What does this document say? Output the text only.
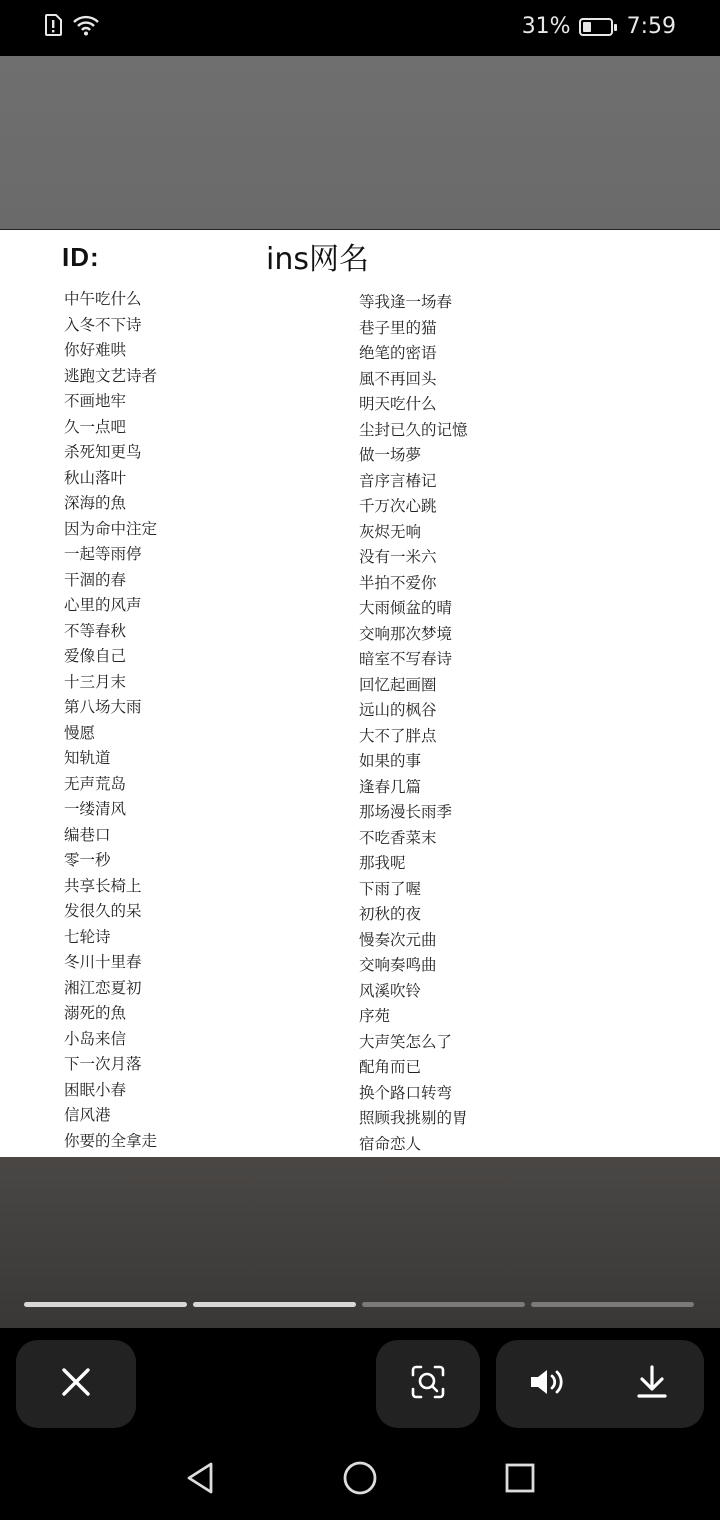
31%	7:59
ID:	ins网名
中午吃什么
入冬不下诗
你好难哄
逃跑文艺诗者
不画地牢
久一点吧
杀死知更鸟
秋山落叶
深海的魚
因为命中注定
一起等雨停
干涸的春
心里的风声
不等春秋
爱像自己
十三月末
第八场大雨
慢愿
知轨道
无声荒岛
一缕清风
编巷口
零一秒
共享长椅上
发很久的呆
七轮诗
冬川十里春
湘江恋夏初
溺死的魚
小岛来信
下一次月落
困眠小春
信风港
你要的全拿走
等我逢一场春
巷子里的猫
绝笔的密语
風不再回头
明天吃什么
尘封已久的记憶
做一场夢
音序言椿记
千万次心跳
灰烬无响
没有一米六
半拍不爱你
大雨倾盆的晴
交响那次梦境
暗室不写春诗
回忆起画圈
远山的枫谷
大不了胖点
如果的事
逢春几篇
那场漫长雨季
不吃香菜末
那我呢
下雨了喔
初秋的夜
慢奏次元曲
交响奏鸣曲
风溪吹铃
序苑
大声笑怎么了
配角而已
换个路口转弯
照顾我挑剔的胃
宿命恋人
